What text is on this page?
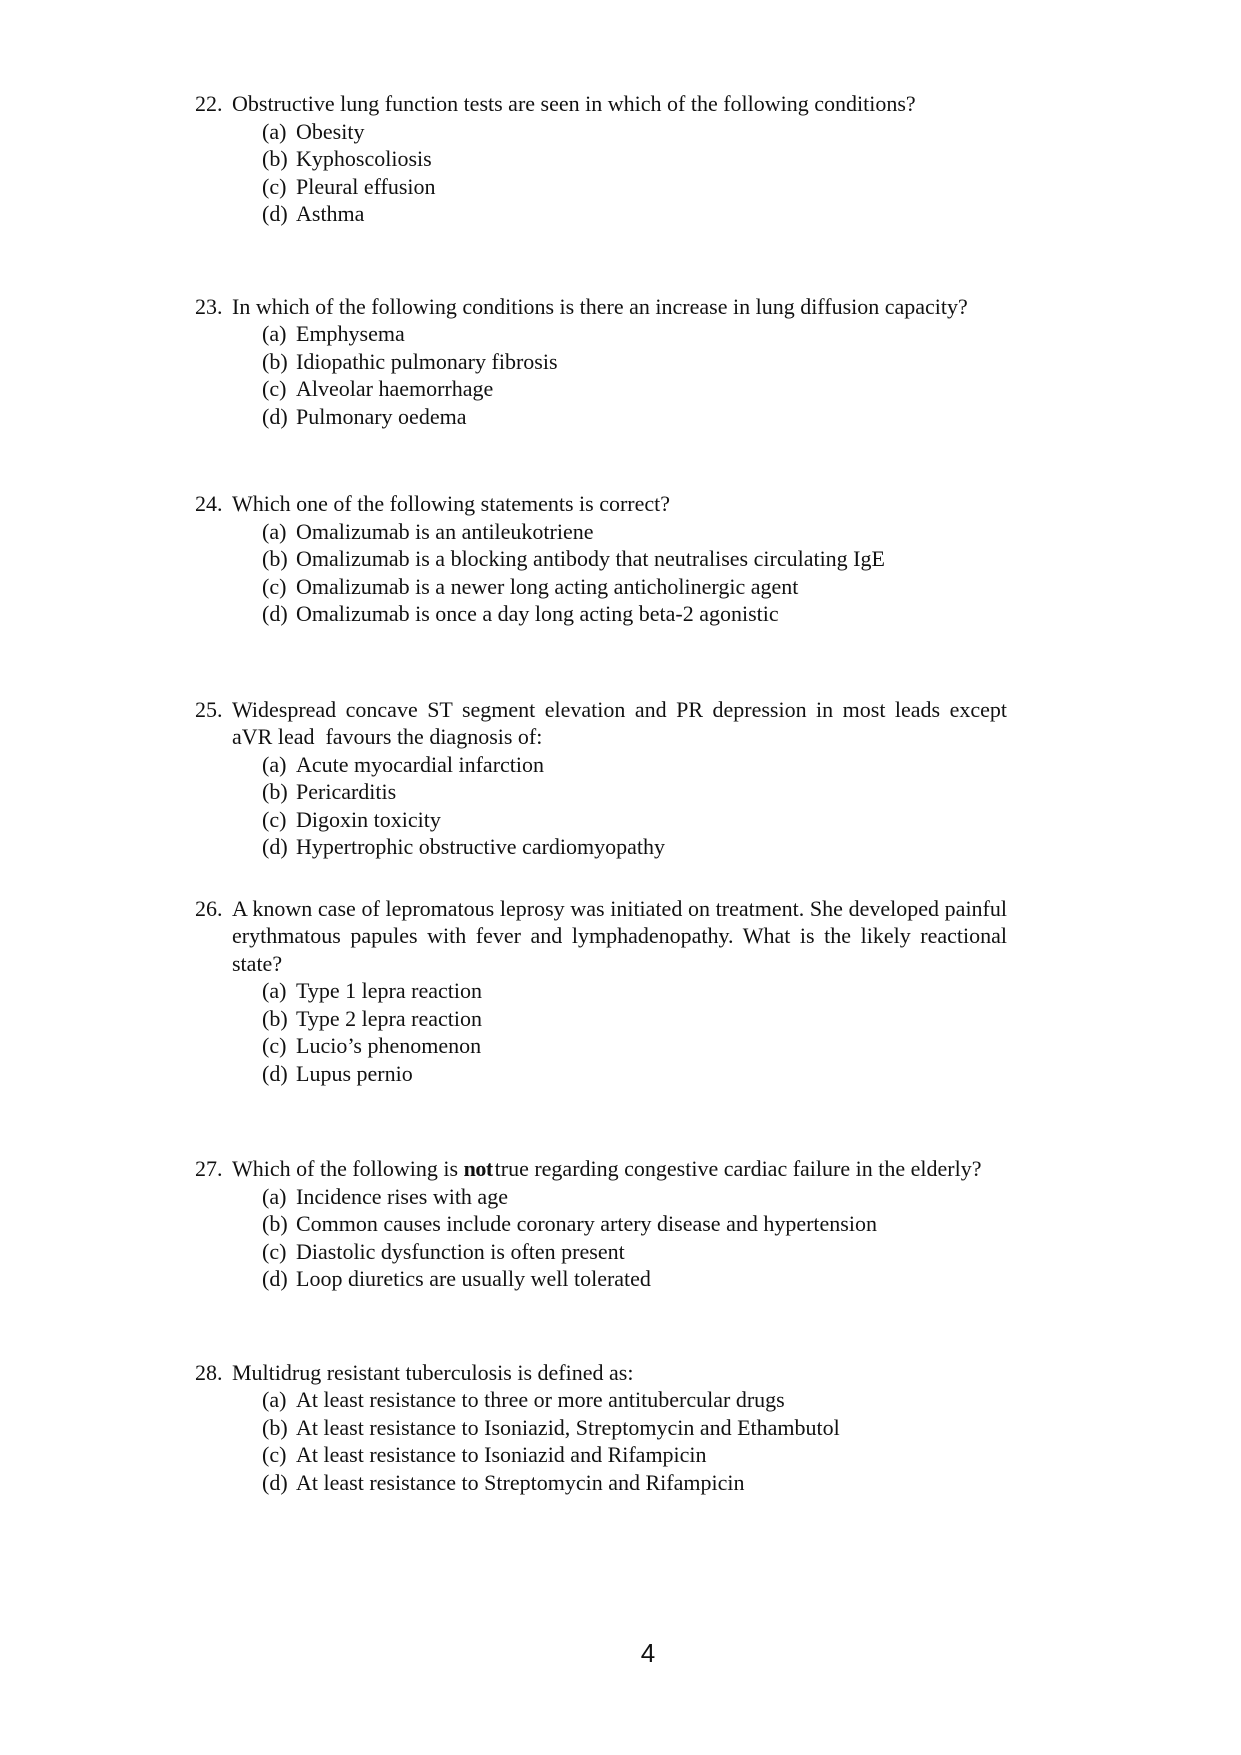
22. Obstructive lung function tests are seen in which of the following conditions?
(a) Obesity
(b) Kyphoscoliosis
(c) Pleural effusion
(d) Asthma
23. In which of the following conditions is there an increase in lung diffusion capacity?
(a) Emphysema
(b) Idiopathic pulmonary fibrosis
(c) Alveolar haemorrhage
(d) Pulmonary oedema
24. Which one of the following statements is correct?
(a) Omalizumab is an antileukotriene
(b) Omalizumab is a blocking antibody that neutralises circulating IgE
(c) Omalizumab is a newer long acting anticholinergic agent
(d) Omalizumab is once a day long acting beta-2 agonistic
25. Widespread concave ST segment elevation and PR depression in most leads except aVR lead  favours the diagnosis of:
(a) Acute myocardial infarction
(b) Pericarditis
(c) Digoxin toxicity
(d) Hypertrophic obstructive cardiomyopathy
26. A known case of lepromatous leprosy was initiated on treatment. She developed painful erythmatous papules with fever and lymphadenopathy. What is the likely reactional state?
(a) Type 1 lepra reaction
(b) Type 2 lepra reaction
(c) Lucio’s phenomenon
(d) Lupus pernio
27. Which of the following is nottrue regarding congestive cardiac failure in the elderly?
(a) Incidence rises with age
(b) Common causes include coronary artery disease and hypertension
(c) Diastolic dysfunction is often present
(d) Loop diuretics are usually well tolerated
28. Multidrug resistant tuberculosis is defined as:
(a) At least resistance to three or more antitubercular drugs
(b) At least resistance to Isoniazid, Streptomycin and Ethambutol
(c) At least resistance to Isoniazid and Rifampicin
(d) At least resistance to Streptomycin and Rifampicin
4
